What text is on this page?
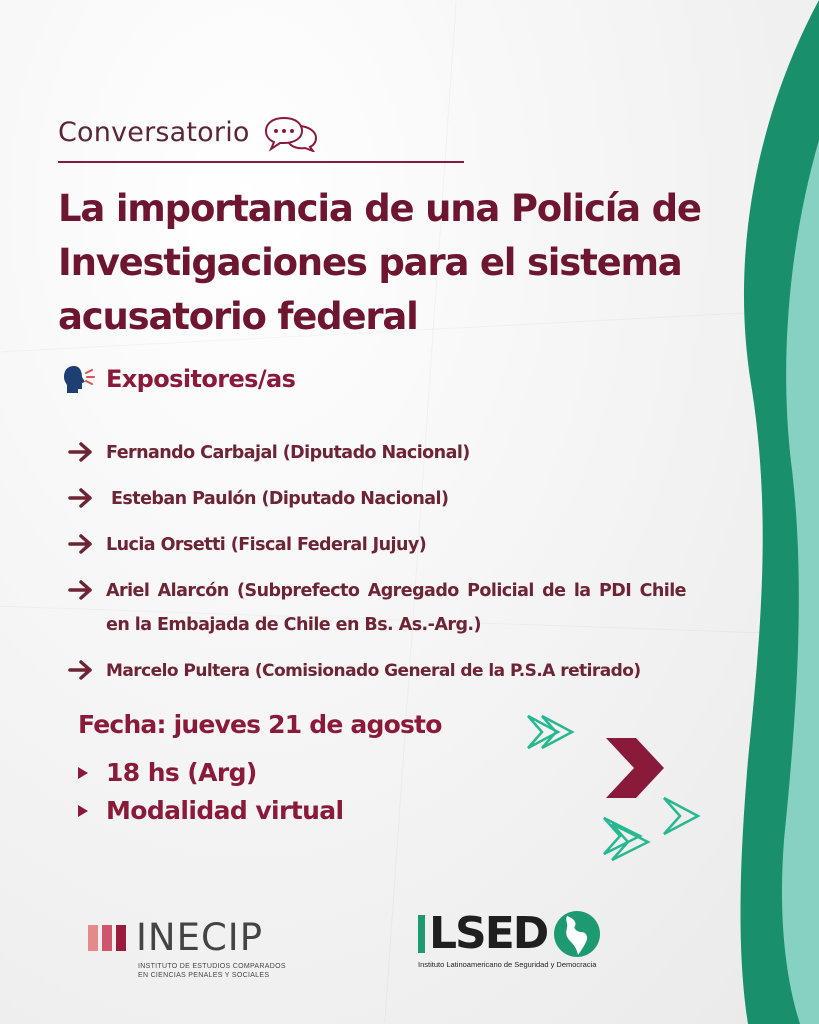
Conversatorio
La importancia de una Policía de
Investigaciones para el sistema
acusatorio federal
Expositores/as
Fernando Carbajal (Diputado Nacional)
Esteban Paulón (Diputado Nacional)
Lucia Orsetti (Fiscal Federal Jujuy)
Ariel Alarcón (Subprefecto Agregado Policial de la PDI Chile en la Embajada de Chile en Bs. As.-Arg.)
Marcelo Pultera (Comisionado General de la P.S.A retirado)
Fecha: jueves 21 de agosto
18 hs (Arg)
Modalidad virtual
INECIP
INSTITUTO DE ESTUDIOS COMPARADOS
EN CIENCIAS PENALES Y SOCIALES
LSED
Instituto Latinoamericano de Seguridad y Democracia
